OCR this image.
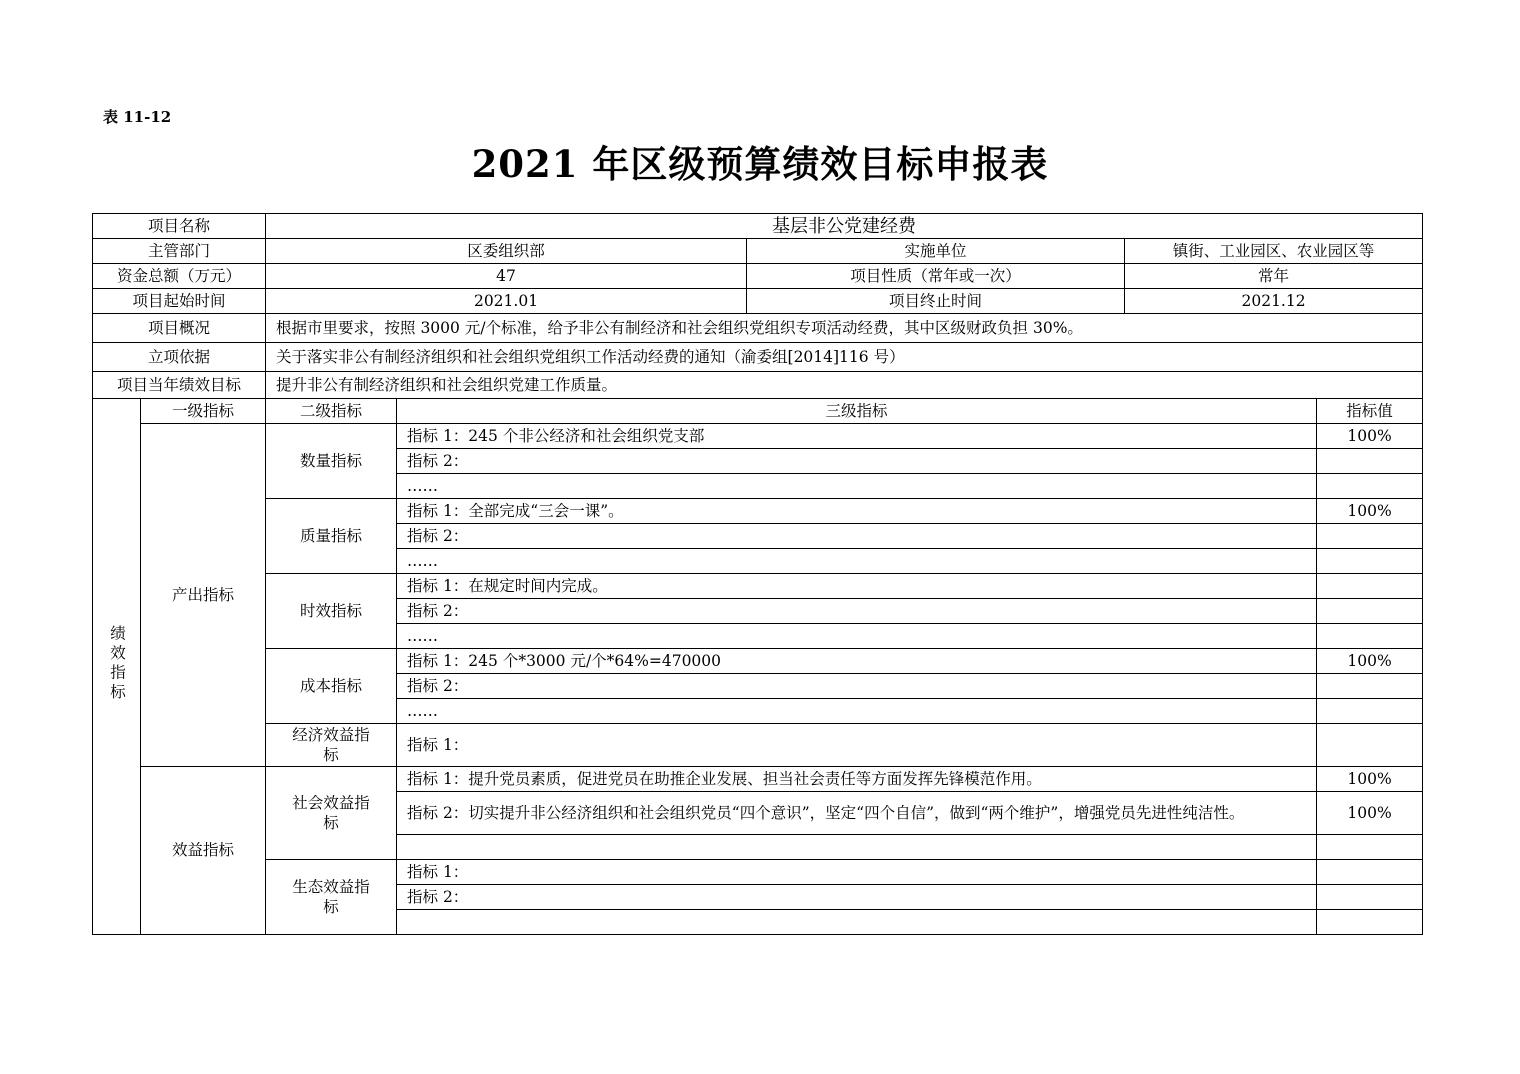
表 11-12
2021 年区级预算绩效目标申报表
项目名称		基层非公党建经费				
主管部门		区委组织部		实施单位	镇街、工业园区、农业园区等	
资金总额（万元）		47		项目性质（常年或一次）	常年	
项目起始时间		2021.01		项目终止时间	2021.12	
项目概况		根据市里要求，按照 3000 元/个标准，给予非公有制经济和社会组织党组织专项活动经费，其中区级财政负担 30%。				
立项依据		关于落实非公有制经济组织和社会组织党组织工作活动经费的通知（渝委组[2014]116 号）				
项目当年绩效目标		提升非公有制经济组织和社会组织党建工作质量。				
绩效指标	一级指标	二级指标	三级指标			指标值
	产出指标	数量指标	指标 1：245 个非公经济和社会组织党支部			100%
			指标 2：			
			……			
		质量指标	指标 1：全部完成“三会一课”。			100%
			指标 2：			
			……			
		时效指标	指标 1：在规定时间内完成。			
			指标 2：			
			……			
		成本指标	指标 1：245 个*3000 元/个*64%=470000			100%
			指标 2：			
			……			
		经济效益指标	指标 1：			
	效益指标	社会效益指标	指标 1：提升党员素质，促进党员在助推企业发展、担当社会责任等方面发挥先锋模范作用。			100%
			指标 2：切实提升非公经济组织和社会组织党员“四个意识”，坚定“四个自信”，做到“两个维护”，增强党员先进性纯洁性。			100%

		生态效益指标	指标 1：			
			指标 2：			
